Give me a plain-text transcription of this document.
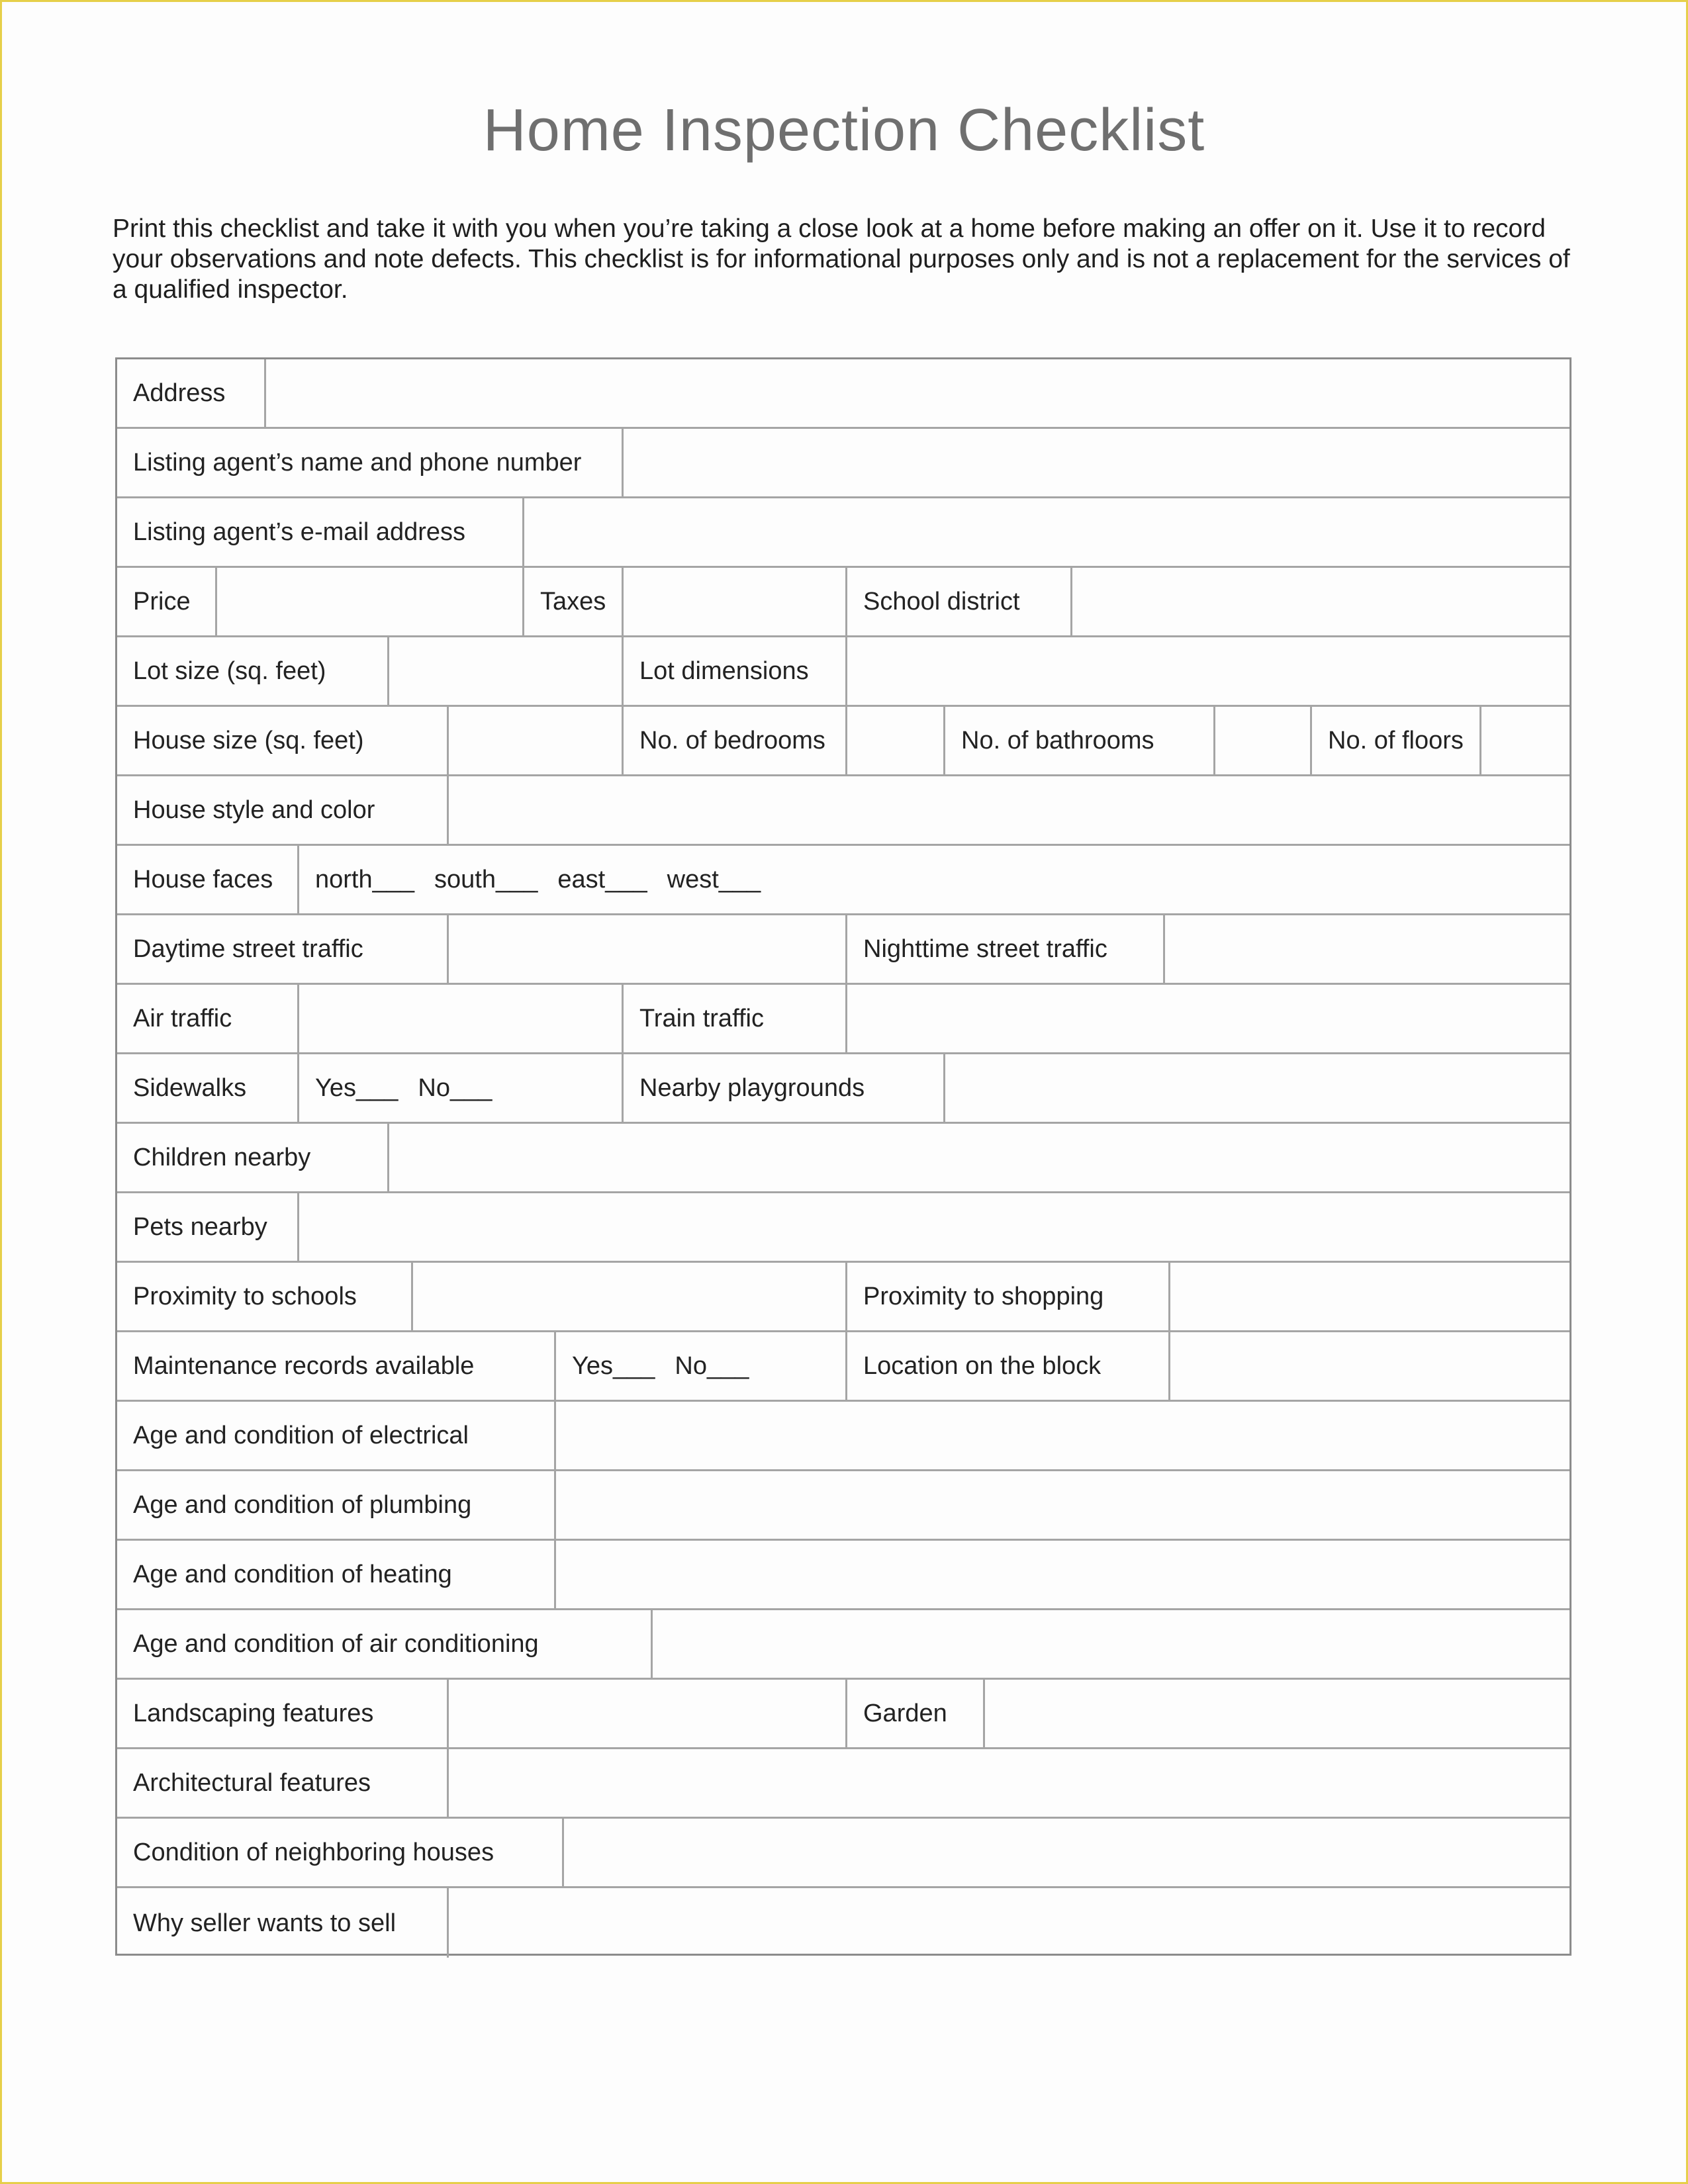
Home Inspection Checklist
Print this checklist and take it with you when you’re taking a close look at a home before making an offer on it. Use it to record your observations and note defects. This checklist is for informational purposes only and is not a replacement for the services of a qualified inspector.
Address
Listing agent’s name and phone number
Listing agent’s e-mail address
Price	Taxes	School district
Lot size (sq. feet)	Lot dimensions
House size (sq. feet)	No. of bedrooms	No. of bathrooms	No. of floors
House style and color
House faces	north___ south___ east___ west___
Daytime street traffic	Nighttime street traffic
Air traffic	Train traffic
Sidewalks	Yes___ No___	Nearby playgrounds
Children nearby
Pets nearby
Proximity to schools	Proximity to shopping
Maintenance records available	Yes___ No___	Location on the block
Age and condition of electrical
Age and condition of plumbing
Age and condition of heating
Age and condition of air conditioning
Landscaping features	Garden
Architectural features
Condition of neighboring houses
Why seller wants to sell
